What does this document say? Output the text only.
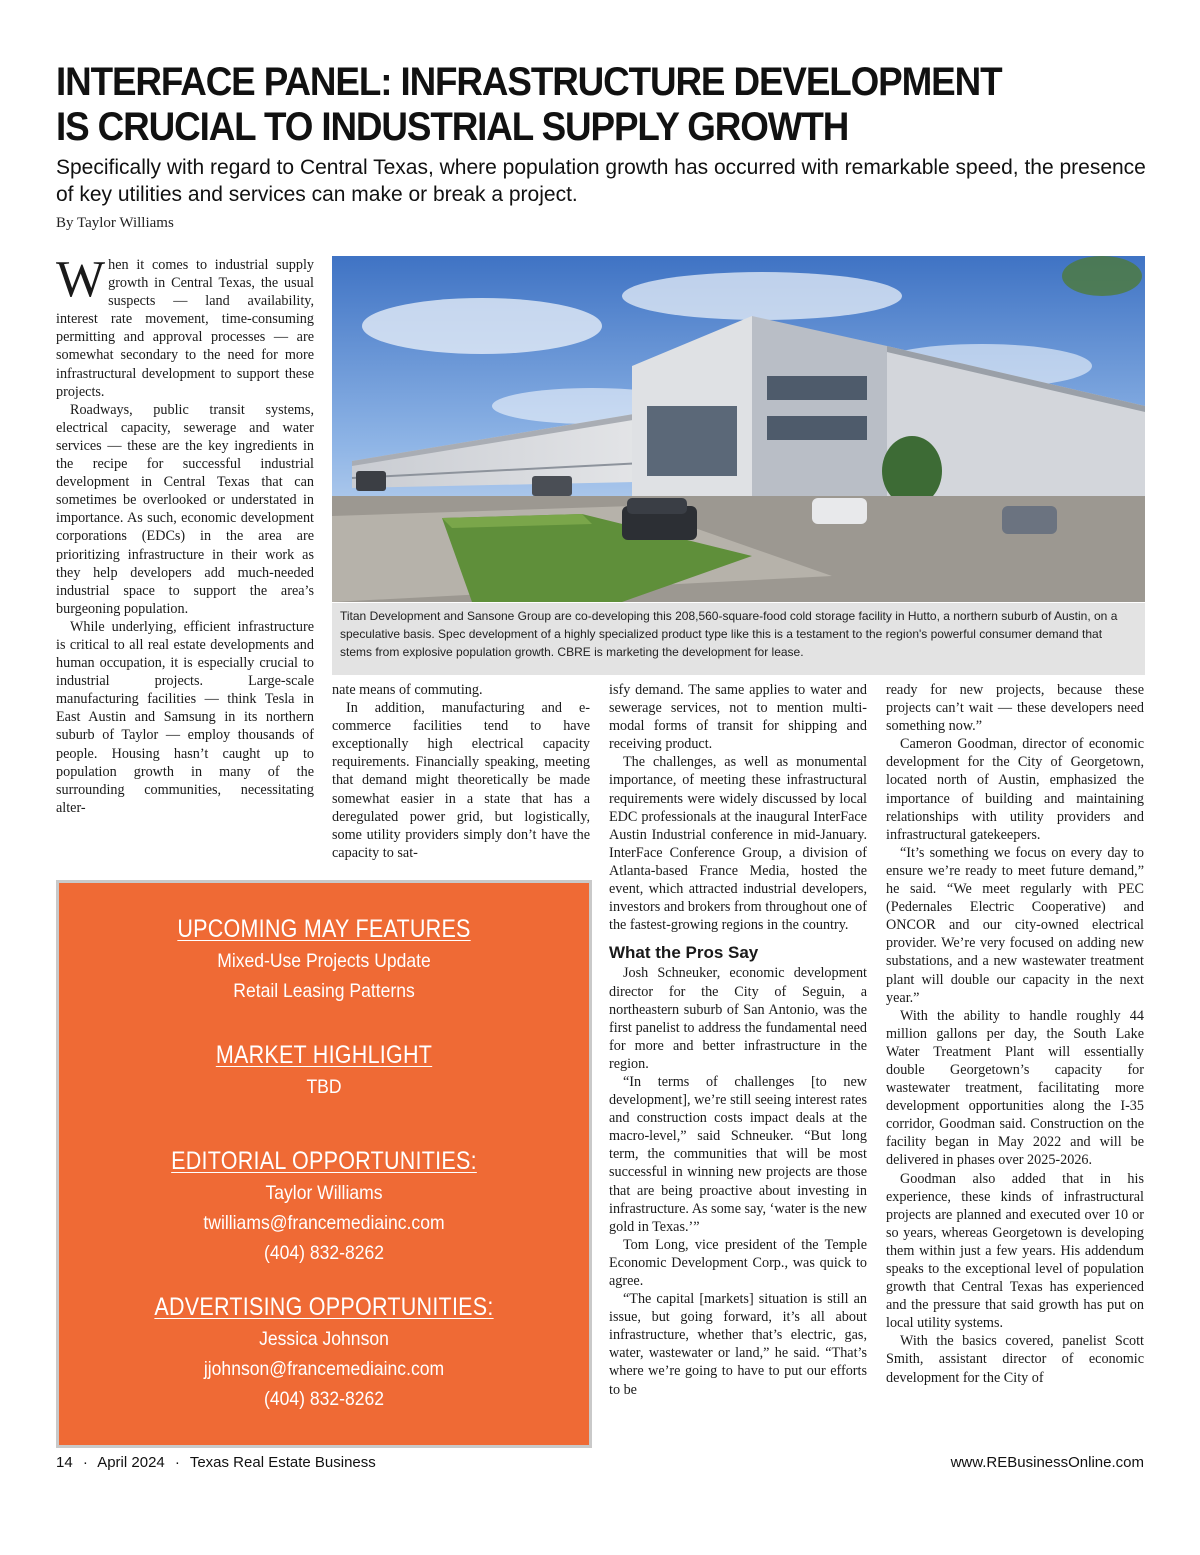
INTERFACE PANEL: INFRASTRUCTURE DEVELOPMENT
IS CRUCIAL TO INDUSTRIAL SUPPLY GROWTH

Specifically with regard to Central Texas, where population growth has occurred with remarkable speed, the presence of key utilities and services can make or break a project.

By Taylor Williams

When it comes to industrial supply growth in Central Texas, the usual suspects — land availability, interest rate movement, time-consuming permitting and approval processes — are somewhat secondary to the need for more infrastructural development to support these projects.

Roadways, public transit systems, electrical capacity, sewerage and water services — these are the key ingredients in the recipe for successful industrial development in Central Texas that can sometimes be overlooked or understated in importance. As such, economic development corporations (EDCs) in the area are prioritizing infrastructure in their work as they help developers add much-needed industrial space to support the area’s burgeoning population.

While underlying, efficient infrastructure is critical to all real estate developments and human occupation, it is especially crucial to industrial projects. Large-scale manufacturing facilities — think Tesla in East Austin and Samsung in its northern suburb of Taylor — employ thousands of people. Housing hasn’t caught up to population growth in many of the surrounding communities, necessitating alter-

Titan Development and Sansone Group are co-developing this 208,560-square-food cold storage facility in Hutto, a northern suburb of Austin, on a speculative basis. Spec development of a highly specialized product type like this is a testament to the region's powerful consumer demand that stems from explosive population growth. CBRE is marketing the development for lease.

nate means of commuting.

In addition, manufacturing and e-commerce facilities tend to have exceptionally high electrical capacity requirements. Financially speaking, meeting that demand might theoretically be made somewhat easier in a state that has a deregulated power grid, but logistically, some utility providers simply don’t have the capacity to sat-

isfy demand. The same applies to water and sewerage services, not to mention multi-modal forms of transit for shipping and receiving product.

The challenges, as well as monumental importance, of meeting these infrastructural requirements were widely discussed by local EDC professionals at the inaugural InterFace Austin Industrial conference in mid-January. InterFace Conference Group, a division of Atlanta-based France Media, hosted the event, which attracted industrial developers, investors and brokers from throughout one of the fastest-growing regions in the country.

What the Pros Say

Josh Schneuker, economic development director for the City of Seguin, a northeastern suburb of San Antonio, was the first panelist to address the fundamental need for more and better infrastructure in the region.

“In terms of challenges [to new development], we’re still seeing interest rates and construction costs impact deals at the macro-level,” said Schneuker. “But long term, the communities that will be most successful in winning new projects are those that are being proactive about investing in infrastructure. As some say, ‘water is the new gold in Texas.’”

Tom Long, vice president of the Temple Economic Development Corp., was quick to agree.

“The capital [markets] situation is still an issue, but going forward, it’s all about infrastructure, whether that’s electric, gas, water, wastewater or land,” he said. “That’s where we’re going to have to put our efforts to be

ready for new projects, because these projects can’t wait — these developers need something now.”

Cameron Goodman, director of economic development for the City of Georgetown, located north of Austin, emphasized the importance of building and maintaining relationships with utility providers and infrastructural gatekeepers.

“It’s something we focus on every day to ensure we’re ready to meet future demand,” he said. “We meet regularly with PEC (Pedernales Electric Cooperative) and ONCOR and our city-owned electrical provider. We’re very focused on adding new substations, and a new wastewater treatment plant will double our capacity in the next year.”

With the ability to handle roughly 44 million gallons per day, the South Lake Water Treatment Plant will essentially double Georgetown’s capacity for wastewater treatment, facilitating more development opportunities along the I-35 corridor, Goodman said. Construction on the facility began in May 2022 and will be delivered in phases over 2025-2026.

Goodman also added that in his experience, these kinds of infrastructural projects are planned and executed over 10 or so years, whereas Georgetown is developing them within just a few years. His addendum speaks to the exceptional level of population growth that Central Texas has experienced and the pressure that said growth has put on local utility systems.

With the basics covered, panelist Scott Smith, assistant director of economic development for the City of

UPCOMING MAY FEATURES
Mixed-Use Projects Update
Retail Leasing Patterns
MARKET HIGHLIGHT
TBD
EDITORIAL OPPORTUNITIES:
Taylor Williams
twilliams@francemediainc.com
(404) 832-8262
ADVERTISING OPPORTUNITIES:
Jessica Johnson
jjohnson@francemediainc.com
(404) 832-8262
14 · April 2024 · Texas Real Estate Business	www.REBusinessOnline.com
